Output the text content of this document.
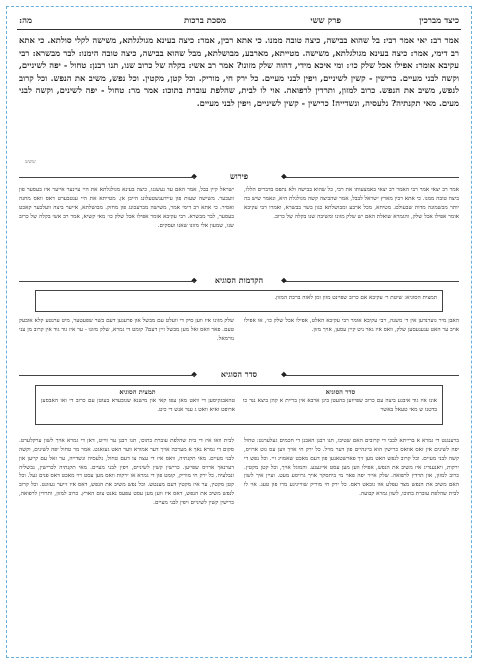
כיצד מברכין
פרק ששי
מסכת ברכות
מה:

אמר רב: יאי אמר רבי: בל שהוא בבישה, כיצה טובה ממנו. כי אתא רבין, אמר: כיצה בעינא מגולגלתא, משישה לקלי סולתא. כי אתא רב דימי, אמר: כיצה בעינא מגולגלתא, משישה. מטייתא, מארבע, מבושלתא, מבל שהוא בבישה, כיצה טובה הימנו: לבר מבשרא: רבי עקיבא אומר: אפילו אכל שלק כו׳: ומי איכא מידי, דהוה שלק מזונו? אמר רב אשי: בקלה של כרוב שנו, תנו רבנן: טחול - יפה לשיניים, וקשה לבני מעיים. כרישין - קשין לשיניים, ויפין לבני מעיים. כל ירק חי, מוריק. וכל קטן, מקטין. וכל נפש, משיב את הנפש. וכל קרוב לנפש, משיב את הנפש. כרוב למזון, ותרדין לרפואה. אוי לו לבית, שהלפת עוברת בתוכו: אמר מר: טחול - יפה לשינים, וקשה לבני מעים. מאי תקנתיה? נלעסיה, ונשדייה! כרישין - קשין לשיניים, ויפין לבני מעיים.

ששש
❖
פירוש
❖

אמר רב יצאי אמר רבי האמר רב יצאי באמצעותו את רבי, כל שהוא בבישה ולא נתפס בדברים הללו, ביצה טובה ממנו. כי אתא רבין מארץ ישראל לבבל, אמר שהביצה קשה מגולגלת היא, ונאמר שיש בה יותר מכשמונה מדות שבעולם. מטיחא, מכל ארבע ומבושלתא כגון בשר בבשרא, ואמרו רבי עקיבא אומר אפילו אכל שלק, והגמרא שואלת האם יש שלק מזונו ומשיבה שנו בקלה של כרוב.

ישראל קיין בבל, אמר האם עד נעשנגו, כיצה בעינא מגולגלתא את היי עיינער אייער איז בעסער פון וועכער. משישה שעות פון עיידענשטעלונג הייבן אן. מטייתא את היי ענטבערט דאס וואס מחנה ואסיר. כי אתא רב דימי אמר, משישה מברעכונג פון מחזק. מבושלתא, אייער ביצה וועלכער קאכט בעסער, לבר מבשרא. רבי עקיבא אומר אפילו אכל שלק כו׳ מאי קשיא, אמר רב אשי בקלה של כרוב שנו, שמעון אלי מזונו שאנו ועסקים.

❖
הקדמות הסוגיא
❖

תמצית הסוגיא: שיטת ר׳ עקיבא אם כרוב שפיינט מזון ומן לאזה ברכת המזון.

האבן מיר גוערנדען אין ד׳ משנה, רבי עקיבא אומר רבי עקיבא האלט, אפילו אכל שלק כו׳, או אפילו אויב ער האט עגעגעסען שלק, וואס איז גאר ניט קיין עסען, אויך מזון.

שלק מזונו איז ווען סיק די וועלט עם מבשל און פרעגען דעם בשר שפעטער, מיט ערנטע קלא אובעק טעם. פאר וואס זאל מען מבשל זיין דעם? קומט די גמרא, שלק מזונו - ער איז גוד גוד אין קרוב מן עני נורמאל.

❖
סדר הסוגיא
❖
סדר הסוגיא
תמצית הסוגיא

אונז איז גוד איבגע ביצה עם כרוב שפייזען בהעטן ביגן ארבא אין בריית א קהן ביצא ננד כו בדטנו ש מאי טעאל באשר

טהאבגקיסען די וואט מאן עפו קאי און מישנא שגובעדא בעוטן עם כרוב די ואו האבסען ארופט זאיא וואט ג ענד אנש די כיט.

ברענגנט די גמרא א ברייתא לבבי די קרובים האם שטיבו, תנו רבנן האבנן די חכמים געלערנט: טחול יפה לשינים אין זאס אוואס כרישין הוא ביינהיים פון דער מויל. כל ירק חי אויך ווען עס גוט ארויס, קשה לבני מעיים. וכל קרוב לנפש האט מען זיך פארשטאנען פון דעם מאכט שאמויג זיי. וכל נפש די ירקות, ויאנענדיג איז משיב את הנפש, אפילו ווען מען עסט אייגענע. והמוגל אויך, וכל קטן מקטין. כרוב למזון, און תרדין לרפואה. שלק אייר יפה פאר מי ביתסקר אויך גרויסע מעט. ועיין איך לשון האם משיב את הנפש מצד עפלע אוו גובאט דאס. כל ירק חי מוריק שווייגיגע מרו פון טעג. אוי לו לבית שהלפת עוברת בתוכו, לשון גמרא קבועה.

לבית וואו איז די בית שהלפת עוברת בתוכו, תנו רבנן ער ווייט, דאן די גמרא אויך לשון ערקלערט. סקום די גמרא נאך א מערכה אויך דער אמורא ווער האט געזאגט. אמר מר טחול יפה לשינים, וקשה לבני מעיים. מאי תקנתיה, וואס איז די עצה צו דעם טחול, נלעסיה ונשדייה, ער זאל עם קייען און דערנאך ארויס שפייען. כרישין קשין לשיניים, ויפין לבני מעיים. מאי תקנתיה לכרישין, נבשליה ונבלעיה. כל ירק חי מוריק, קומט פון די גמרא אז ירקות וואס מען עסט רוי מאכט דאס פנים געל. וכל קטן מקטין, ער איז מקטין דעם מענטש. וכל נפש משיב את הנפש, דאס איז זייער געזונט. וכל קרוב לנפש משיב את הנפש, דאס איז ווען מען עסט עפעס נאנט צום הארץ. כרוב למזון, ותרדין לרפואה, כרישין קשין לשיניים ויפין לבני מעיים.
